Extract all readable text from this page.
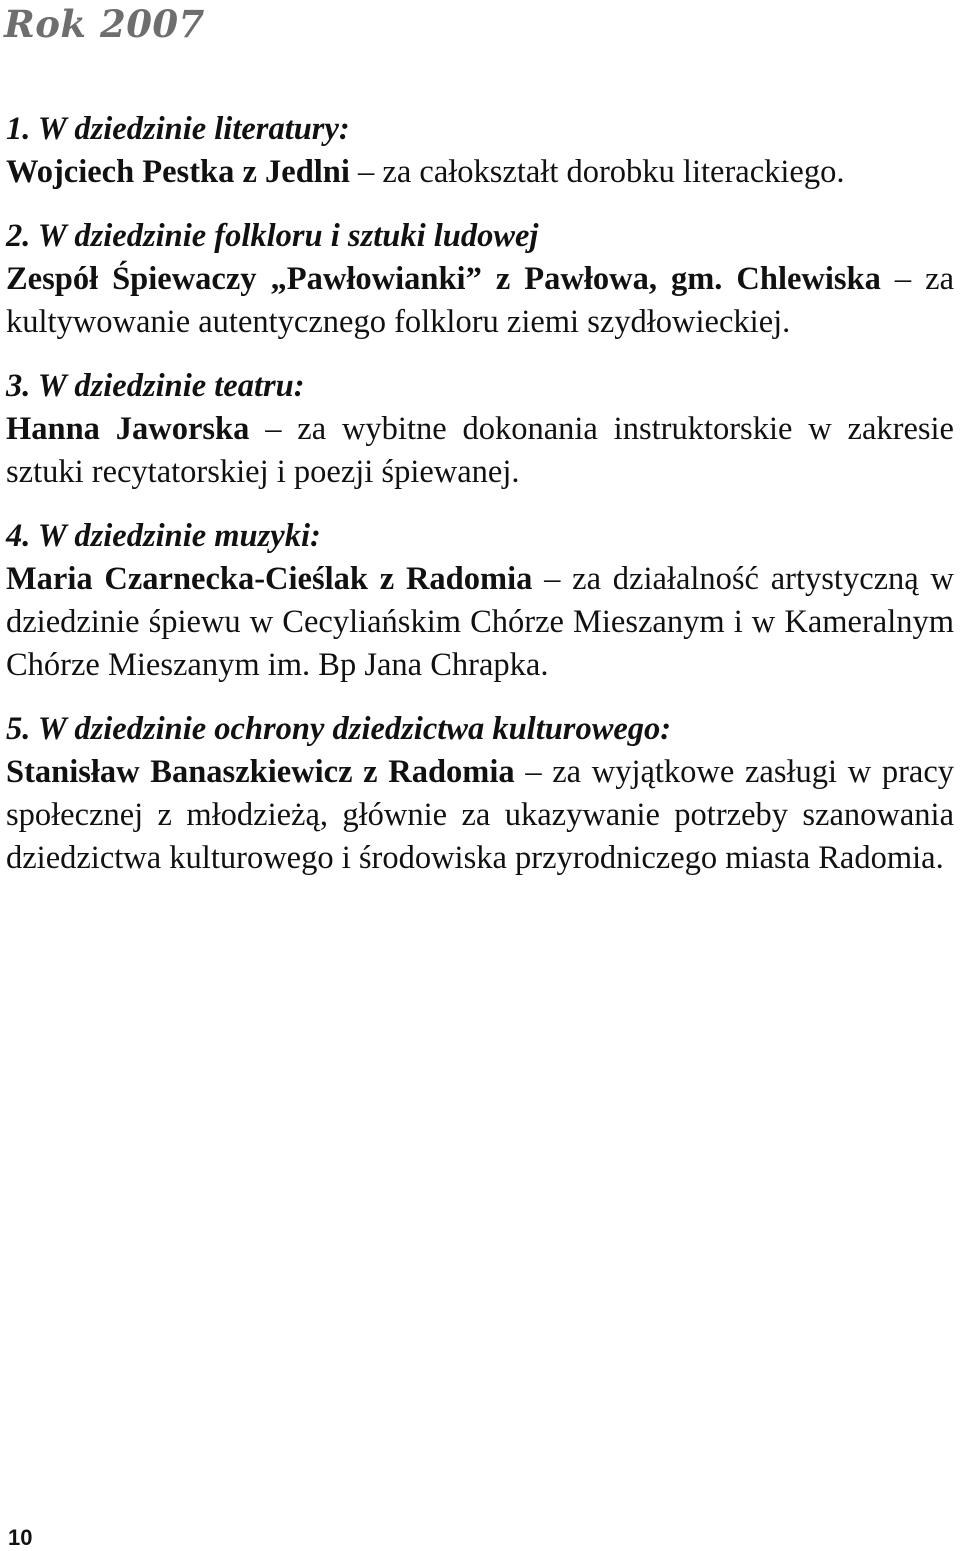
Rok 2007

1. W dziedzinie literatury:

Wojciech Pestka z Jedlni – za całokształt dorobku literackiego.

2. W dziedzinie folkloru i sztuki ludowej

Zespół Śpiewaczy „Pawłowianki” z Pawłowa, gm. Chlewiska – za kultywowanie autentycznego folkloru ziemi szydłowieckiej.

3. W dziedzinie teatru:

Hanna Jaworska – za wybitne dokonania instruktorskie w zakresie sztuki recytatorskiej i poezji śpiewanej.

4. W dziedzinie muzyki:

Maria Czarnecka-Cieślak z Radomia – za działalność artystyczną w dziedzinie śpiewu w Cecyliańskim Chórze Mieszanym i w Kameralnym Chórze Mieszanym im. Bp Jana Chrapka.

5. W dziedzinie ochrony dziedzictwa kulturowego:

Stanisław Banaszkiewicz z Radomia – za wyjątkowe zasługi w pracy społecznej z młodzieżą, głównie za ukazywanie potrzeby szanowania dziedzictwa kulturowego i środowiska przyrodniczego miasta Radomia.

10
